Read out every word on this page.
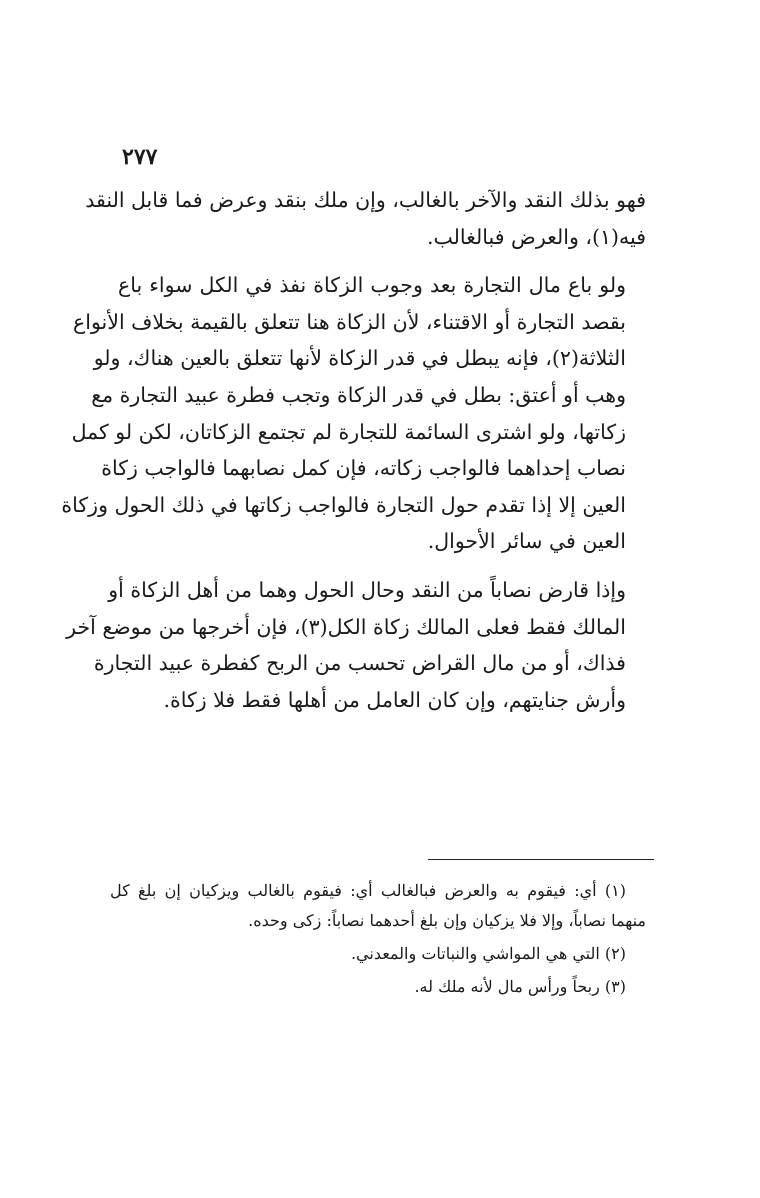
٢٧٧

فهو بذلك النقد والآخر بالغالب، وإن ملك بنقد وعرض فما قابل النقد
فيه(١)، والعرض فبالغالب.

ولو باع مال التجارة بعد وجوب الزكاة نفذ في الكل سواء باع
بقصد التجارة أو الاقتناء، لأن الزكاة هنا تتعلق بالقيمة بخلاف الأنواع
الثلاثة(٢)، فإنه يبطل في قدر الزكاة لأنها تتعلق بالعين هناك، ولو
وهب أو أعتق: بطل في قدر الزكاة وتجب فطرة عبيد التجارة مع
زكاتها، ولو اشترى السائمة للتجارة لم تجتمع الزكاتان، لكن لو كمل
نصاب إحداهما فالواجب زكاته، فإن كمل نصابهما فالواجب زكاة
العين إلا إذا تقدم حول التجارة فالواجب زكاتها في ذلك الحول وزكاة
العين في سائر الأحوال.

وإذا قارض نصاباً من النقد وحال الحول وهما من أهل الزكاة أو
المالك فقط فعلى المالك زكاة الكل(٣)، فإن أخرجها من موضع آخر
فذاك، أو من مال القراض تحسب من الربح كفطرة عبيد التجارة
وأرش جنايتهم، وإن كان العامل من أهلها فقط فلا زكاة.

(١) أي: فيقوم به والعرض فبالغالب أي: فيقوم بالغالب ويزكيان إن بلغ كل
منهما نصاباً، وإلا فلا يزكيان وإن بلغ أحدهما نصاباً: زكى وحده.
(٢) التي هي المواشي والنباتات والمعدني.
(٣) ربحاً ورأس مال لأنه ملك له.
